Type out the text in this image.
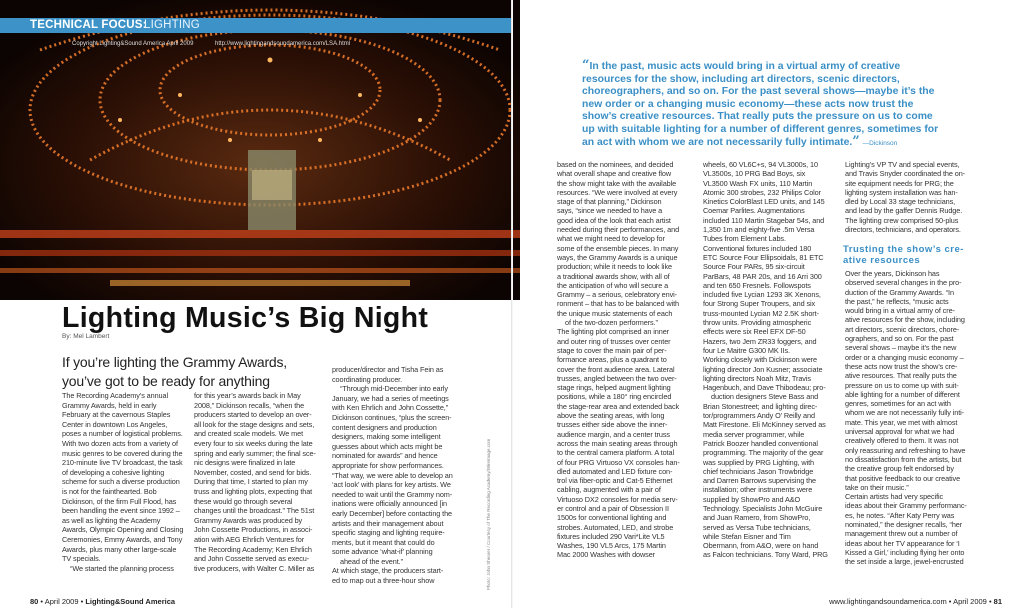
TECHNICAL FOCUS:
LIGHTING
Copyright Lighting&Sound America April 2009	http://www.lightingandsoundamerica.com/LSA.html
Lighting Music’s Big Night
By: Mel Lambert
If you’re lighting the Grammy Awards,
you’ve got to be ready for anything
The Recording Academy’s annual
Grammy Awards, held in early
February at the cavernous Staples
Center in downtown Los Angeles,
poses a number of logistical problems.
With two dozen acts from a variety of
music genres to be covered during the
210-minute live TV broadcast, the task
of developing a cohesive lighting
scheme for such a diverse production
is not for the fainthearted. Bob
Dickinson, of the firm Full Flood, has
been handling the event since 1992 –
as well as lighting the Academy
Awards, Olympic Opening and Closing
Ceremonies, Emmy Awards, and Tony
Awards, plus many other large-scale
TV specials.
“We started the planning process
for this year’s awards back in May
2008,” Dickinson recalls, “when the
producers started to develop an over-
all look for the stage designs and sets,
and created scale models. We met
every four to six weeks during the late
spring and early summer; the final sce-
nic designs were finalized in late
November, costed, and send for bids.
During that time, I started to plan my
truss and lighting plots, expecting that
these would go through several
changes until the broadcast.” The 51st
Grammy Awards was produced by
John Cossette Productions, in associ-
ation with AEG Ehrlich Ventures for
The Recording Academy; Ken Ehrlich
and John Cossette served as execu-
tive producers, with Walter C. Miller as
producer/director and Tisha Fein as
coordinating producer.
“Through mid-December into early
January, we had a series of meetings
with Ken Ehrlich and John Cossette,”
Dickinson continues, “plus the screen-
content designers and production
designers, making some intelligent
guesses about which acts might be
nominated for awards” and hence
appropriate for show performances.
“That way, we were able to develop an
‘act look’ with plans for key artists. We
needed to wait until the Grammy nom-
inations were officially announced [in
early December] before contacting the
artists and their management about
specific staging and lighting require-
ments, but it meant that could do
some advance ‘what-if’ planning
ahead of the event.”
At which stage, the producers start-
ed to map out a three-hour show	Photo: John Shearer / Courtesy of The Recording Academy/WireImage.com
“In the past, music acts would bring in a virtual army of creative
resources for the show, including art directors, scenic directors,
choreographers, and so on. For the past several shows—maybe it’s the
new order or a changing music economy—these acts now trust the
show’s creative resources. That really puts the pressure on us to come
up with suitable lighting for a number of different genres, sometimes for
an act with whom we are not necessarily fully intimate.” —Dickinson
based on the nominees, and decided
what overall shape and creative flow
the show might take with the available
resources. “We were involved at every
stage of that planning,” Dickinson
says, “since we needed to have a
good idea of the look that each artist
needed during their performances, and
what we might need to develop for
some of the ensemble pieces. In many
ways, the Grammy Awards is a unique
production; while it needs to look like
a traditional awards show, with all of
the anticipation of who will secure a
Grammy – a serious, celebratory envi-
ronment – that has to be balanced with
the unique music statements of each
of the two-dozen performers.”
The lighting plot comprised an inner
and outer ring of trusses over center
stage to cover the main pair of per-
formance areas, plus a quadrant to
cover the front audience area. Lateral
trusses, angled between the two over-
stage rings, helped augment lighting
positions, while a 180° ring encircled
the stage-rear area and extended back
above the seating areas, with long
trusses either side above the inner-
audience margin, and a center truss
across the main seating areas through
to the central camera platform. A total
of four PRG Virtuoso VX consoles han-
dled automated and LED fixture con-
trol via fiber-optic and Cat-5 Ethernet
cabling, augmented with a pair of
Virtuoso DX2 consoles for media serv-
er control and a pair of Obsession II
1500s for conventional lighting and
strobes. Automated, LED, and strobe
fixtures included 290 Vari*Lite VL5
Washes, 190 VL5 Arcs, 175 Martin
Mac 2000 Washes with dowser
wheels, 60 VL6C+s, 94 VL3000s, 10
VL3500s, 10 PRG Bad Boys, six
VL3500 Wash FX units, 110 Martin
Atomic 300 strobes, 232 Philips Color
Kinetics ColorBlast LED units, and 145
Coemar Parlites. Augmentations
included 110 Martin Stagebar 54s, and
1,350 1m and eighty-five .5m Versa
Tubes from Element Labs.
Conventional fixtures included 180
ETC Source Four Ellipsoidals, 81 ETC
Source Four PARs, 95 six-circuit
ParBars, 48 PAR 20s, and 16 Arri 300
and ten 650 Fresnels. Followspots
included five Lycian 1293 3K Xenons,
four Strong Super Troupers, and six
truss-mounted Lycian M2 2.5K short-
throw units. Providing atmospheric
effects were six Reel EFX DF-50
Hazers, two Jem ZR33 foggers, and
four Le Maitre G300 MK IIs.
Working closely with Dickinson were
lighting director Jon Kusner; associate
lighting directors Noah Mitz, Travis
Hagenbuch, and Dave Thibodeau; pro-
duction designers Steve Bass and
Brian Stonestreet; and lighting direc-
tor/programmers Andy O’ Reilly and
Matt Firestone. Eli McKinney served as
media server programmer, while
Patrick Boozer handled conventional
programming. The majority of the gear
was supplied by PRG Lighting, with
chief technicians Jason Trowbridge
and Darren Barrows supervising the
installation; other instruments were
supplied by ShowPro and A&O
Technology. Specialists John McGuire
and Juan Ramero, from ShowPro,
served as Versa Tube technicians,
while Stefan Eisner and Tim
Obermann, from A&O, were on hand
as Falcon technicians. Tony Ward, PRG
Lighting’s VP TV and special events,
and Travis Snyder coordinated the on-
site equipment needs for PRG; the
lighting system installation was han-
dled by Local 33 stage technicians,
and lead by the gaffer Dennis Rudge.
The lighting crew comprised 50-plus
directors, technicians, and operators.
Trusting the show’s cre-
ative resources
Over the years, Dickinson has
observed several changes in the pro-
duction of the Grammy Awards. “In
the past,” he reflects, “music acts
would bring in a virtual army of cre-
ative resources for the show, including
art directors, scenic directors, chore-
ographers, and so on. For the past
several shows – maybe it’s the new
order or a changing music economy –
these acts now trust the show’s cre-
ative resources. That really puts the
pressure on us to come up with suit-
able lighting for a number of different
genres, sometimes for an act with
whom we are not necessarily fully inti-
mate. This year, we met with almost
universal approval for what we had
creatively offered to them. It was not
only reassuring and refreshing to have
no dissatisfaction from the artists, but
the creative group felt endorsed by
that positive feedback to our creative
take on their music.”
Certain artists had very specific
ideas about their Grammy performanc-
es, he notes. “After Katy Perry was
nominated,” the designer recalls, “her
management threw out a number of
ideas about her TV appearance for ‘I
Kissed a Girl,’ including flying her onto
the set inside a large, jewel-encrusted
80 • April 2009 • Lighting&Sound America	www.lightingandsoundamerica.com • April 2009 • 81
